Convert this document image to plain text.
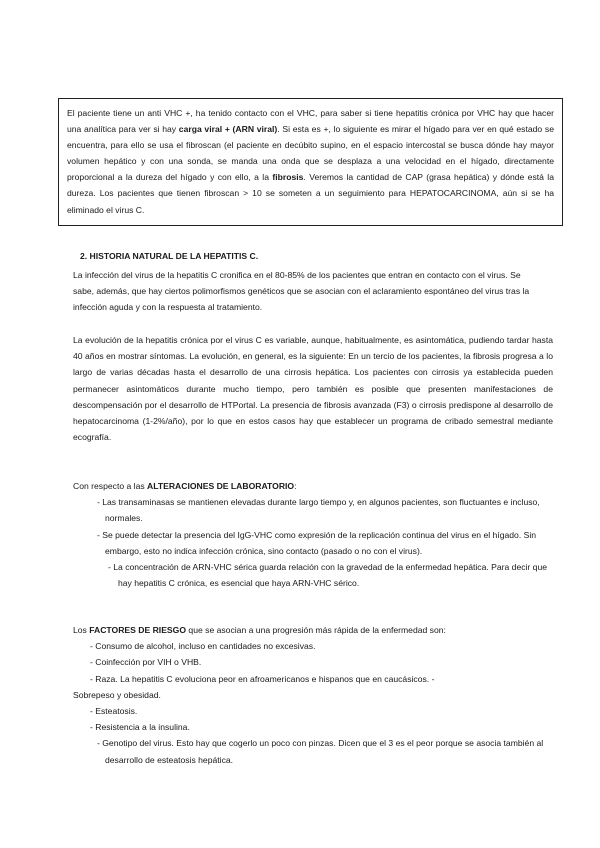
El paciente tiene un anti VHC +, ha tenido contacto con el VHC, para saber si tiene hepatitis crónica por VHC hay que hacer una analítica para ver si hay carga viral + (ARN viral). Si esta es +, lo siguiente es mirar el hígado para ver en qué estado se encuentra, para ello se usa el fibroscan (el paciente en decúbito supino, en el espacio intercostal se busca dónde hay mayor volumen hepático y con una sonda, se manda una onda que se desplaza a una velocidad en el hígado, directamente proporcional a la dureza del hígado y con ello, a la fibrosis. Veremos la cantidad de CAP (grasa hepática) y dónde está la dureza. Los pacientes que tienen fibroscan > 10 se someten a un seguimiento para HEPATOCARCINOMA, aún si se ha eliminado el virus C.
2. HISTORIA NATURAL DE LA HEPATITIS C.
La infección del virus de la hepatitis C cronifica en el 80-85% de los pacientes que entran en contacto con el virus. Se sabe, además, que hay ciertos polimorfismos genéticos que se asocian con el aclaramiento espontáneo del virus tras la infección aguda y con la respuesta al tratamiento.
La evolución de la hepatitis crónica por el virus C es variable, aunque, habitualmente, es asintomática, pudiendo tardar hasta 40 años en mostrar síntomas. La evolución, en general, es la siguiente: En un tercio de los pacientes, la fibrosis progresa a lo largo de varias décadas hasta el desarrollo de una cirrosis hepática. Los pacientes con cirrosis ya establecida pueden permanecer asintomáticos durante mucho tiempo, pero también es posible que presenten manifestaciones de descompensación por el desarrollo de HTPortal. La presencia de fibrosis avanzada (F3) o cirrosis predispone al desarrollo de hepatocarcinoma (1-2%/año), por lo que en estos casos hay que establecer un programa de cribado semestral mediante ecografía.
Con respecto a las ALTERACIONES DE LABORATORIO:
- Las transaminasas se mantienen elevadas durante largo tiempo y, en algunos pacientes, son fluctuantes e incluso, normales.
- Se puede detectar la presencia del IgG-VHC como expresión de la replicación continua del virus en el hígado. Sin embargo, esto no indica infección crónica, sino contacto (pasado o no con el virus).
- La concentración de ARN-VHC sérica guarda relación con la gravedad de la enfermedad hepática. Para decir que hay hepatitis C crónica, es esencial que haya ARN-VHC sérico.
Los FACTORES DE RIESGO que se asocian a una progresión más rápida de la enfermedad son:
- Consumo de alcohol, incluso en cantidades no excesivas.
- Coinfección por VIH o VHB.
- Raza. La hepatitis C evoluciona peor en afroamericanos e hispanos que en caucásicos. -
Sobrepeso y obesidad.
- Esteatosis.
- Resistencia a la insulina.
- Genotipo del virus. Esto hay que cogerlo un poco con pinzas. Dicen que el 3 es el peor porque se asocia también al desarrollo de esteatosis hepática.
